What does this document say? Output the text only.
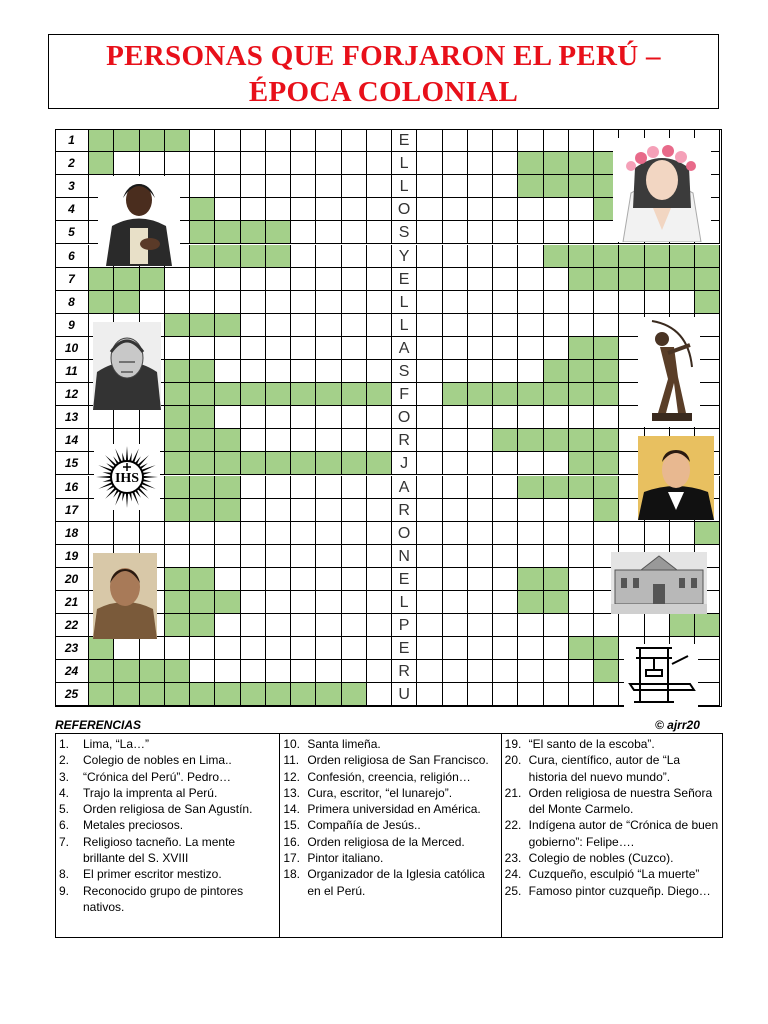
PERSONAS QUE FORJARON EL PERÚ –
ÉPOCA COLONIAL
1	E
2	L
3	L
4	O
5	S
6	Y
7	E
8	L
9	L
10	A
11	S
12	F
13	O
14	R
15	J
16	A
17	R
18	O
19	N
20	E
21	L
22	P
23	E
24	R
25	U
IHS
REFERENCIAS	© ajrr20
1.	Lima, “La…”
2.	Colegio de nobles en Lima..
3.	“Crónica del Perú”. Pedro…
4.	Trajo la imprenta al Perú.
5.	Orden religiosa de San Agustín.
6.	Metales preciosos.
7.	Religioso tacneño. La mente brillante del S. XVIII
8.	El primer escritor mestizo.
9.	Reconocido grupo de pintores nativos.
10. Santa limeña.
11. Orden religiosa de San Francisco.
12. Confesión, creencia, religión…
13. Cura, escritor, “el lunarejo”.
14. Primera universidad en América.
15. Compañía de Jesús..
16. Orden religiosa de la Merced.
17. Pintor italiano.
18. Organizador de la Iglesia católica en el Perú.
19. “El santo de la escoba”.
20. Cura, científico, autor de “La historia del nuevo mundo”.
21. Orden religiosa de nuestra Señora del Monte Carmelo.
22. Indígena autor de “Crónica de buen gobierno”: Felipe….
23. Colegio de nobles (Cuzco).
24. Cuzqueño, esculpió “La muerte”
25. Famoso pintor cuzqueñp. Diego…
